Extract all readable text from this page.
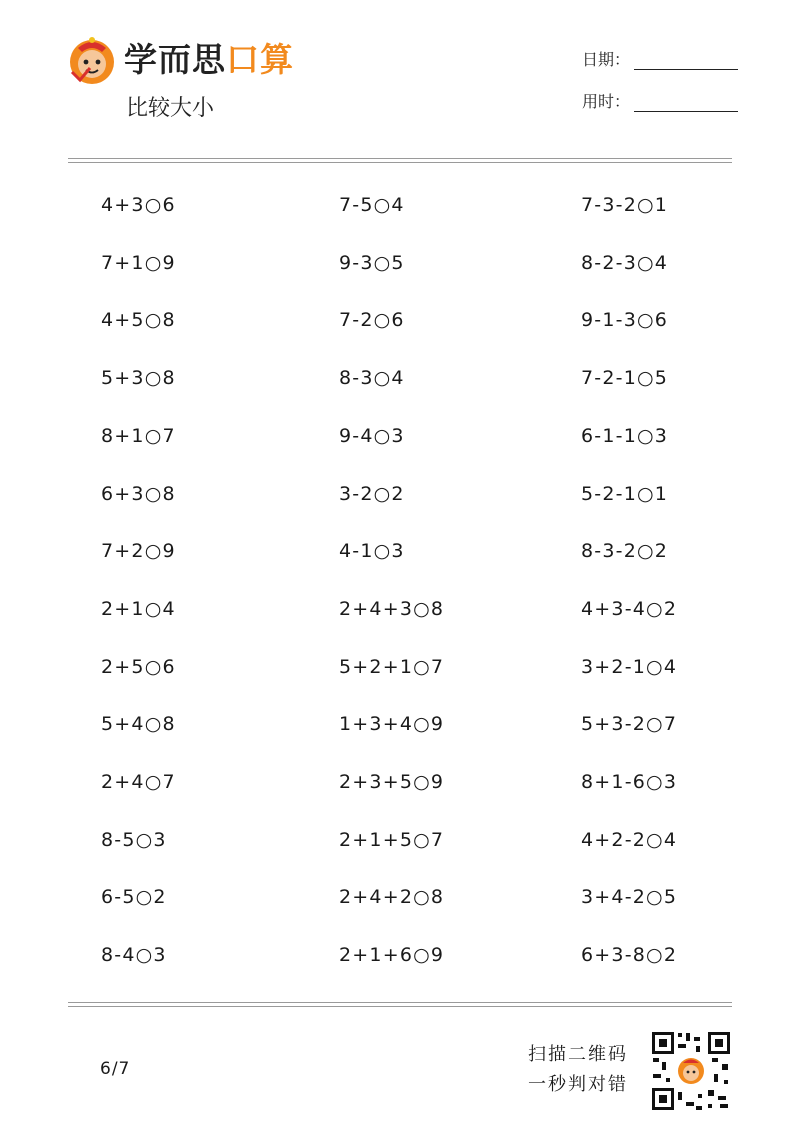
学而思口算
比较大小
日期：
用时：
4+3○6
7+1○9
4+5○8
5+3○8
8+1○7
6+3○8
7+2○9
2+1○4
2+5○6
5+4○8
2+4○7
8-5○3
6-5○2
8-4○3
7-5○4
9-3○5
7-2○6
8-3○4
9-4○3
3-2○2
4-1○3
2+4+3○8
5+2+1○7
1+3+4○9
2+3+5○9
2+1+5○7
2+4+2○8
2+1+6○9
7-3-2○1
8-2-3○4
9-1-3○6
7-2-1○5
6-1-1○3
5-2-1○1
8-3-2○2
4+3-4○2
3+2-1○4
5+3-2○7
8+1-6○3
4+2-2○4
3+4-2○5
6+3-8○2
6/7
扫描二维码
一秒判对错
